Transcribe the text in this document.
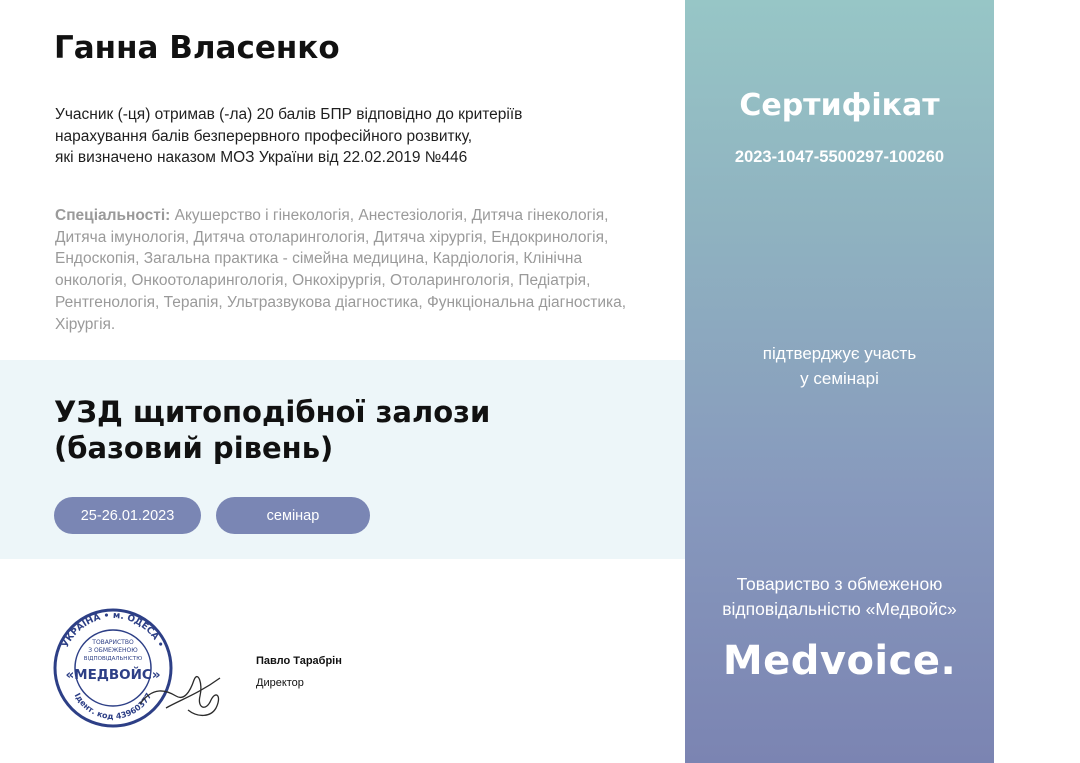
Ганна Власенко
Учасник (-ця) отримав (-ла) 20 балів БПР відповідно до критеріїв
нарахування балів безперервного професійного розвитку,
які визначено наказом МОЗ України від 22.02.2019 №446
Спеціальності: Акушерство і гінекологія, Анестезіологія, Дитяча гінекологія, Дитяча імунологія, Дитяча отоларингологія, Дитяча хірургія, Ендокринологія, Ендоскопія, Загальна практика - сімейна медицина, Кардіологія, Клінічна онкологія, Онкоотоларингологія, Онкохірургія, Отоларингологія, Педіатрія, Рентгенологія, Терапія, Ультразвукова діагностика, Функціональна діагностика, Хірургія.
УЗД щитоподібної залози
(базовий рівень)
25-26.01.2023	семінар
УКРАЇНА • м. ОДЕСА •
Ідент. код 43960377
ТОВАРИСТВО
З ОБМЕЖЕНОЮ
ВІДПОВІДАЛЬНІСТЮ
«МЕДВОЙС»
Павло Тарабрін
Директор
Сертифікат
2023-1047-5500297-100260
підтверджує участь
у семінарі
Товариство з обмеженою
відповідальністю «Медвойс»
Medvoice.
